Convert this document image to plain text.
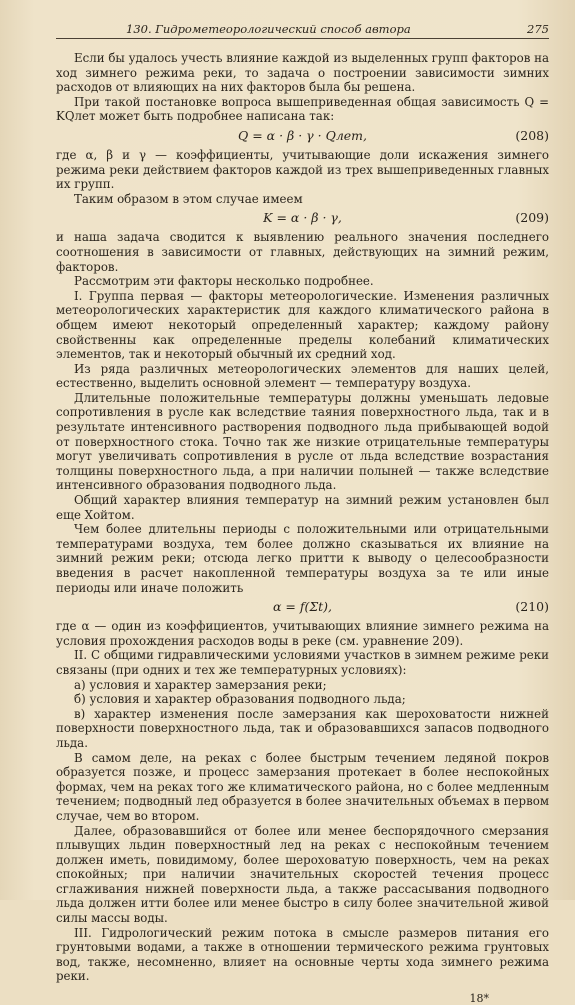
130. Гидрометеорологический способ автора	275

Если бы удалось учесть влияние каждой из выделенных групп факторов на ход зимнего режима реки, то задача о построении зависимости зимних расходов от влияющих на них факторов была бы решена.

При такой постановке вопроса вышеприведенная общая зависимость Q = KQлет может быть подробнее написана так:

Q = α · β · γ · Qлет,	(208)

где α, β и γ — коэффициенты, учитывающие доли искажения зимнего режима реки действием факторов каждой из трех вышеприведенных главных их групп.

Таким образом в этом случае имеем

K = α · β · γ,	(209)

и наша задача сводится к выявлению реального значения последнего соотношения в зависимости от главных, действующих на зимний режим, факторов.

Рассмотрим эти факторы несколько подробнее.

I. Группа первая — факторы метеорологические. Изменения различных метеорологических характеристик для каждого климатического района в общем имеют некоторый определенный характер; каждому району свойственны как определенные пределы колебаний климатических элементов, так и некоторый обычный их средний ход.

Из ряда различных метеорологических элементов для наших целей, естественно, выделить основной элемент — температуру воздуха.

Длительные положительные температуры должны уменьшать ледовые сопротивления в русле как вследствие таяния поверхностного льда, так и в результате интенсивного растворения подводного льда прибывающей водой от поверхностного стока. Точно так же низкие отрицательные температуры могут увеличивать сопротивления в русле от льда вследствие возрастания толщины поверхностного льда, а при наличии полыней — также вследствие интенсивного образования подводного льда.

Общий характер влияния температур на зимний режим установлен был еще Хойтом.

Чем более длительны периоды с положительными или отрицательными температурами воздуха, тем более должно сказываться их влияние на зимний режим реки; отсюда легко притти к выводу о целесообразности введения в расчет накопленной температуры воздуха за те или иные периоды или иначе положить

α = f(Σt),	(210)

где α — один из коэффициентов, учитывающих влияние зимнего режима на условия прохождения расходов воды в реке (см. уравнение 209).

II. С общими гидравлическими условиями участков в зимнем режиме реки связаны (при одних и тех же температурных условиях):

а) условия и характер замерзания реки;

б) условия и характер образования подводного льда;

в) характер изменения после замерзания как шероховатости нижней поверхности поверхностного льда, так и образовавшихся запасов подводного льда.

В самом деле, на реках с более быстрым течением ледяной покров образуется позже, и процесс замерзания протекает в более неспокойных формах, чем на реках того же климатического района, но с более медленным течением; подводный лед образуется в более значительных объемах в первом случае, чем во втором.

Далее, образовавшийся от более или менее беспорядочного смерзания плывущих льдин поверхностный лед на реках с неспокойным течением должен иметь, повидимому, более шероховатую поверхность, чем на реках спокойных; при наличии значительных скоростей течения процесс сглаживания нижней поверхности льда, а также рассасывания подводного льда должен итти более или менее быстро в силу более значительной живой силы массы воды.

III. Гидрологический режим потока в смысле размеров питания его грунтовыми водами, а также в отношении термического режима грунтовых вод, также, несомненно, влияет на основные черты хода зимнего режима реки.

18*
